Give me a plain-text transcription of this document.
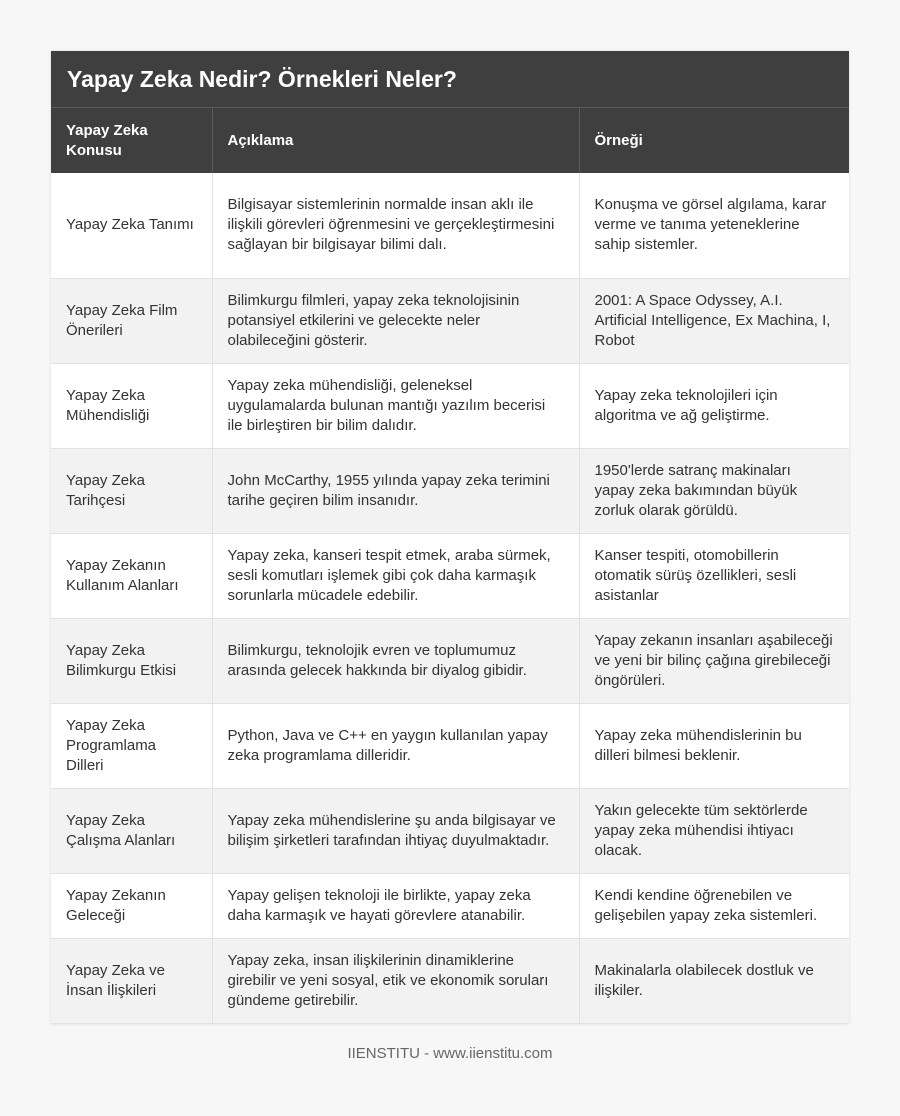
Yapay Zeka Nedir? Örnekleri Neler?
Yapay Zeka Konusu	Açıklama	Örneği
Yapay Zeka Tanımı	Bilgisayar sistemlerinin normalde insan aklı ile ilişkili görevleri öğrenmesini ve gerçekleştirmesini sağlayan bir bilgisayar bilimi dalı.	Konuşma ve görsel algılama, karar verme ve tanıma yeteneklerine sahip sistemler.
Yapay Zeka Film Önerileri	Bilimkurgu filmleri, yapay zeka teknolojisinin potansiyel etkilerini ve gelecekte neler olabileceğini gösterir.	2001: A Space Odyssey, A.I. Artificial Intelligence, Ex Machina, I, Robot
Yapay Zeka Mühendisliği	Yapay zeka mühendisliği, geleneksel uygulamalarda bulunan mantığı yazılım becerisi ile birleştiren bir bilim dalıdır.	Yapay zeka teknolojileri için algoritma ve ağ geliştirme.
Yapay Zeka Tarihçesi	John McCarthy, 1955 yılında yapay zeka terimini tarihe geçiren bilim insanıdır.	1950'lerde satranç makinaları yapay zeka bakımından büyük zorluk olarak görüldü.
Yapay Zekanın Kullanım Alanları	Yapay zeka, kanseri tespit etmek, araba sürmek, sesli komutları işlemek gibi çok daha karmaşık sorunlarla mücadele edebilir.	Kanser tespiti, otomobillerin otomatik sürüş özellikleri, sesli asistanlar
Yapay Zeka Bilimkurgu Etkisi	Bilimkurgu, teknolojik evren ve toplumumuz arasında gelecek hakkında bir diyalog gibidir.	Yapay zekanın insanları aşabileceği ve yeni bir bilinç çağına girebileceği öngörüleri.
Yapay Zeka Programlama Dilleri	Python, Java ve C++ en yaygın kullanılan yapay zeka programlama dilleridir.	Yapay zeka mühendislerinin bu dilleri bilmesi beklenir.
Yapay Zeka Çalışma Alanları	Yapay zeka mühendislerine şu anda bilgisayar ve bilişim şirketleri tarafından ihtiyaç duyulmaktadır.	Yakın gelecekte tüm sektörlerde yapay zeka mühendisi ihtiyacı olacak.
Yapay Zekanın Geleceği	Yapay gelişen teknoloji ile birlikte, yapay zeka daha karmaşık ve hayati görevlere atanabilir.	Kendi kendine öğrenebilen ve gelişebilen yapay zeka sistemleri.
Yapay Zeka ve İnsan İlişkileri	Yapay zeka, insan ilişkilerinin dinamiklerine girebilir ve yeni sosyal, etik ve ekonomik soruları gündeme getirebilir.	Makinalarla olabilecek dostluk ve ilişkiler.
IIENSTITU - www.iienstitu.com
